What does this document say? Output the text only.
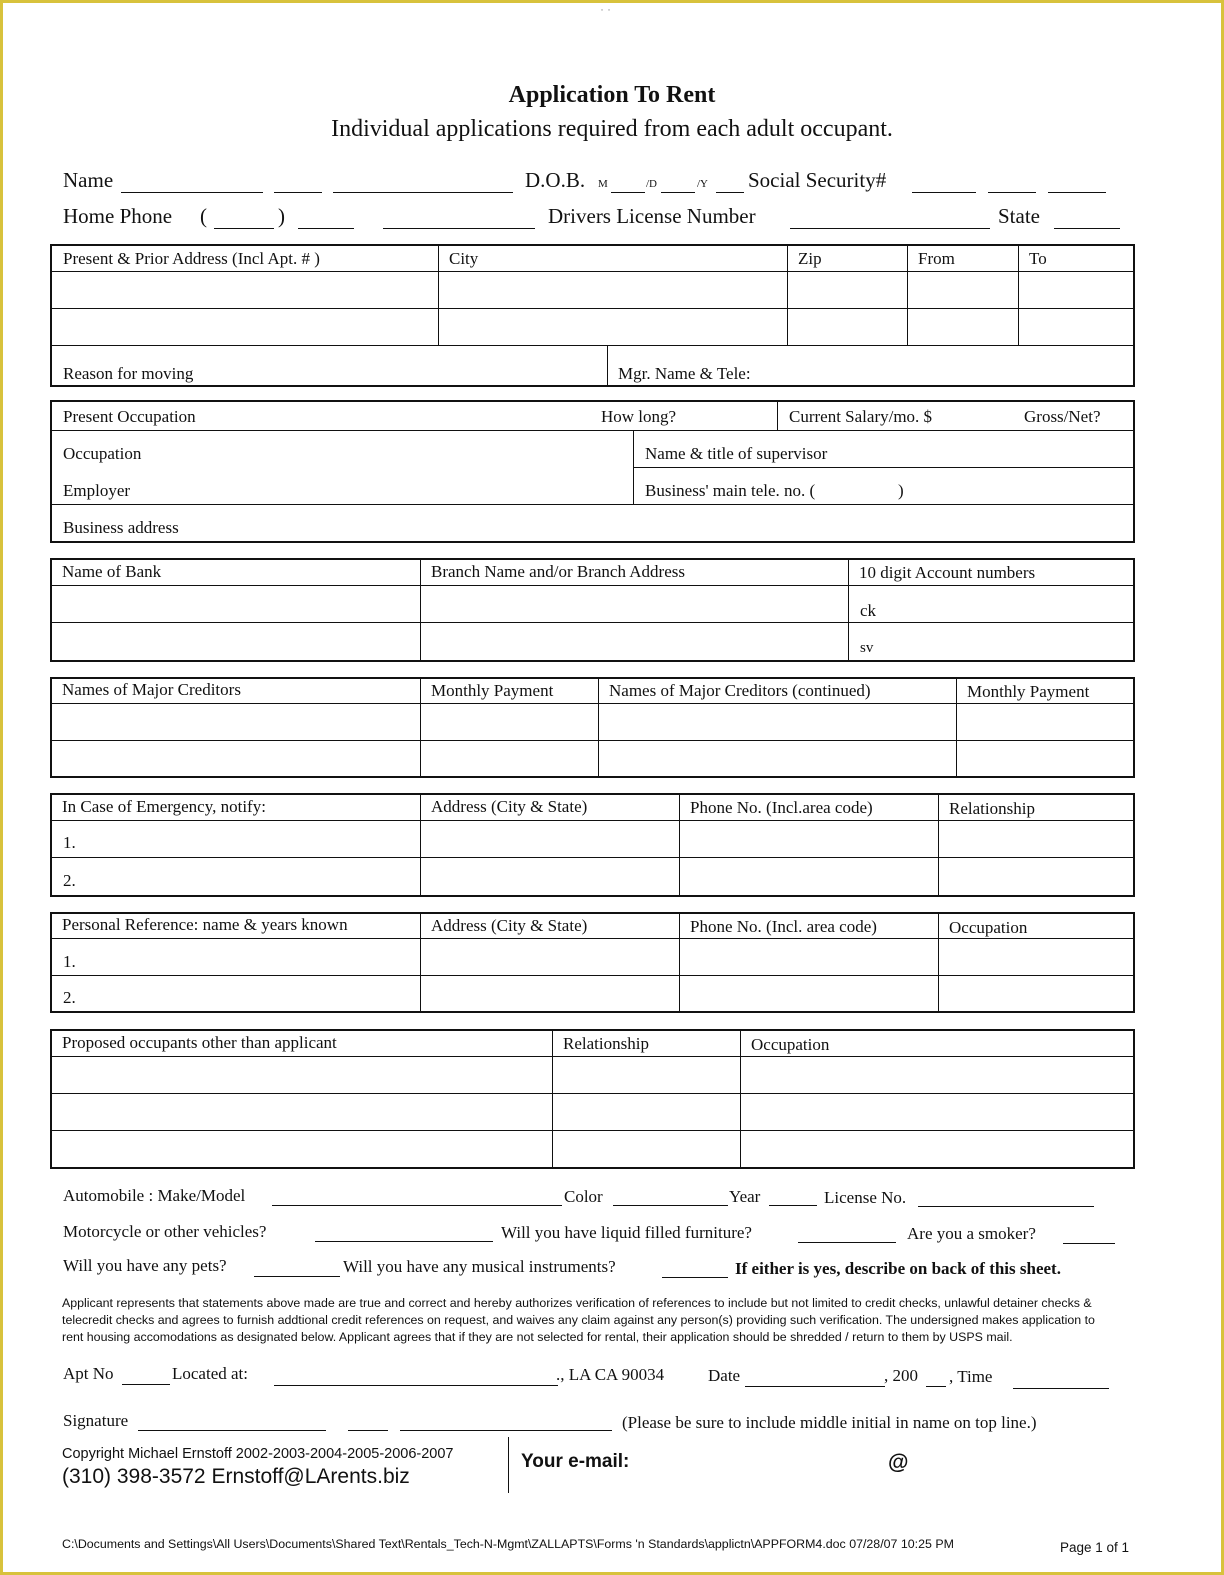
˙ ˙
Application To Rent
Individual applications required from each adult occupant.
Name	D.O.B. M	/D	/Y Social Security#
Home Phone (	)	Drivers License Number	State
Present & Prior Address (Incl Apt. # )	City	Zip	From	To
Reason for moving	Mgr. Name & Tele:
Present Occupation	How long?	Current Salary/mo. $	Gross/Net?
Occupation	Name & title of supervisor
Employer	Business' main tele. no. (	)
Business address
Name of Bank	Branch Name and/or Branch Address	10 digit Account numbers
ck
sv
Names of Major Creditors	Monthly Payment	Names of Major Creditors (continued)	Monthly Payment
In Case of Emergency, notify:	Address (City & State)	Phone No. (Incl.area code)	Relationship
1.
2.
Personal Reference: name & years known	Address (City & State)	Phone No. (Incl. area code)	Occupation
1.
2.
Proposed occupants other than applicant	Relationship	Occupation
Automobile : Make/Model	Color	Year	License No.
Motorcycle or other vehicles?	Will you have liquid filled furniture?	Are you a smoker?
Will you have any pets?	Will you have any musical instruments?	If either is yes, describe on back of this sheet.
Applicant represents that statements above made are true and correct and hereby authorizes verification of references to include but not limited to credit checks, unlawful detainer checks &
telecredit checks and agrees to furnish addtional credit references on request, and waives any claim against any person(s) providing such verification. The undersigned makes application to
rent housing accomodations as designated below. Applicant agrees that if they are not selected for rental, their application should be shredded / return to them by USPS mail.
Apt No	Located at:	., LA CA 90034	Date	, 200 , Time
Signature	(Please be sure to include middle initial in name on top line.)
Copyright Michael Ernstoff 2002-2003-2004-2005-2006-2007
(310) 398-3572 Ernstoff@LArents.biz
Your e-mail:	@
C:\Documents and Settings\All Users\Documents\Shared Text\Rentals_Tech-N-Mgmt\ZALLAPTS\Forms 'n Standards\applictn\APPFORM4.doc 07/28/07 10:25 PM	Page 1 of 1
